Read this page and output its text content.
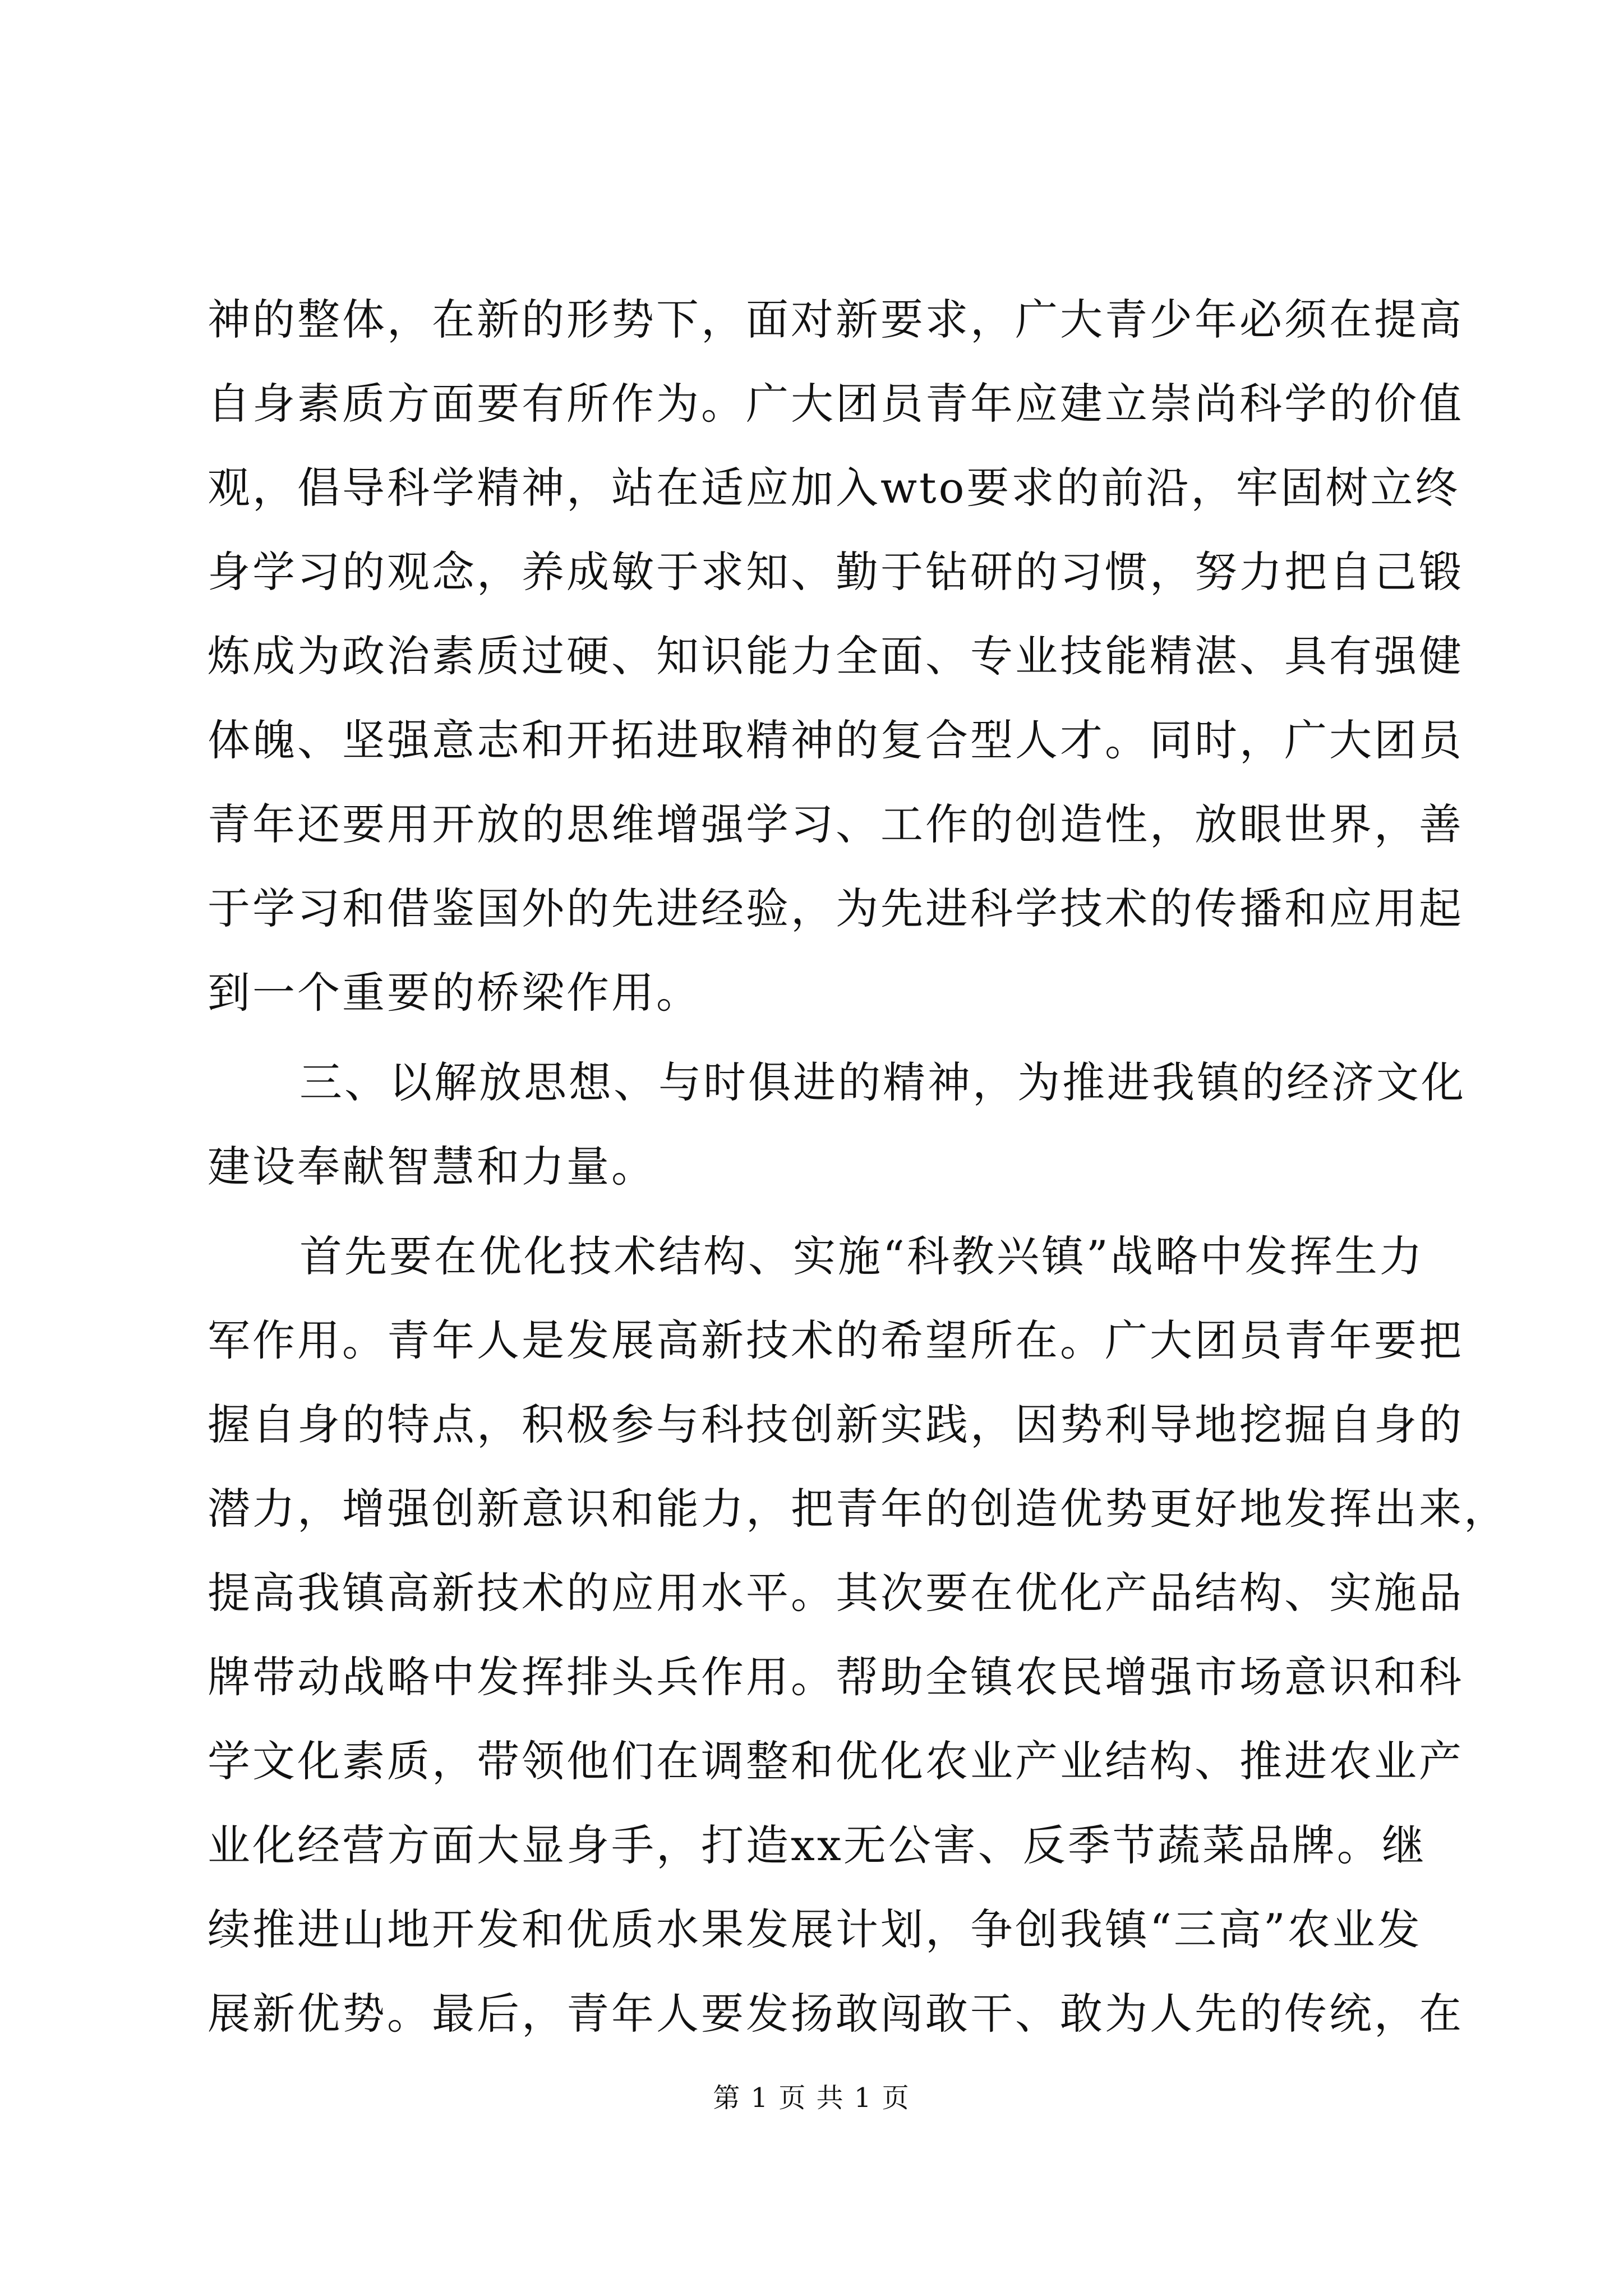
神的整体，在新的形势下，面对新要求，广大青少年必须在提高
自身素质方面要有所作为。广大团员青年应建立崇尚科学的价值
观，倡导科学精神，站在适应加入wto要求的前沿，牢固树立终
身学习的观念，养成敏于求知、勤于钻研的习惯，努力把自己锻
炼成为政治素质过硬、知识能力全面、专业技能精湛、具有强健
体魄、坚强意志和开拓进取精神的复合型人才。同时，广大团员
青年还要用开放的思维增强学习、工作的创造性，放眼世界，善
于学习和借鉴国外的先进经验，为先进科学技术的传播和应用起
到一个重要的桥梁作用。
三、以解放思想、与时俱进的精神，为推进我镇的经济文化
建设奉献智慧和力量。
首先要在优化技术结构、实施“科教兴镇”战略中发挥生力
军作用。青年人是发展高新技术的希望所在。广大团员青年要把
握自身的特点，积极参与科技创新实践，因势利导地挖掘自身的
潜力，增强创新意识和能力，把青年的创造优势更好地发挥出来，
提高我镇高新技术的应用水平。其次要在优化产品结构、实施品
牌带动战略中发挥排头兵作用。帮助全镇农民增强市场意识和科
学文化素质，带领他们在调整和优化农业产业结构、推进农业产
业化经营方面大显身手，打造xx无公害、反季节蔬菜品牌。继
续推进山地开发和优质水果发展计划，争创我镇“三高”农业发
展新优势。最后，青年人要发扬敢闯敢干、敢为人先的传统，在
第 1 页 共 1 页
